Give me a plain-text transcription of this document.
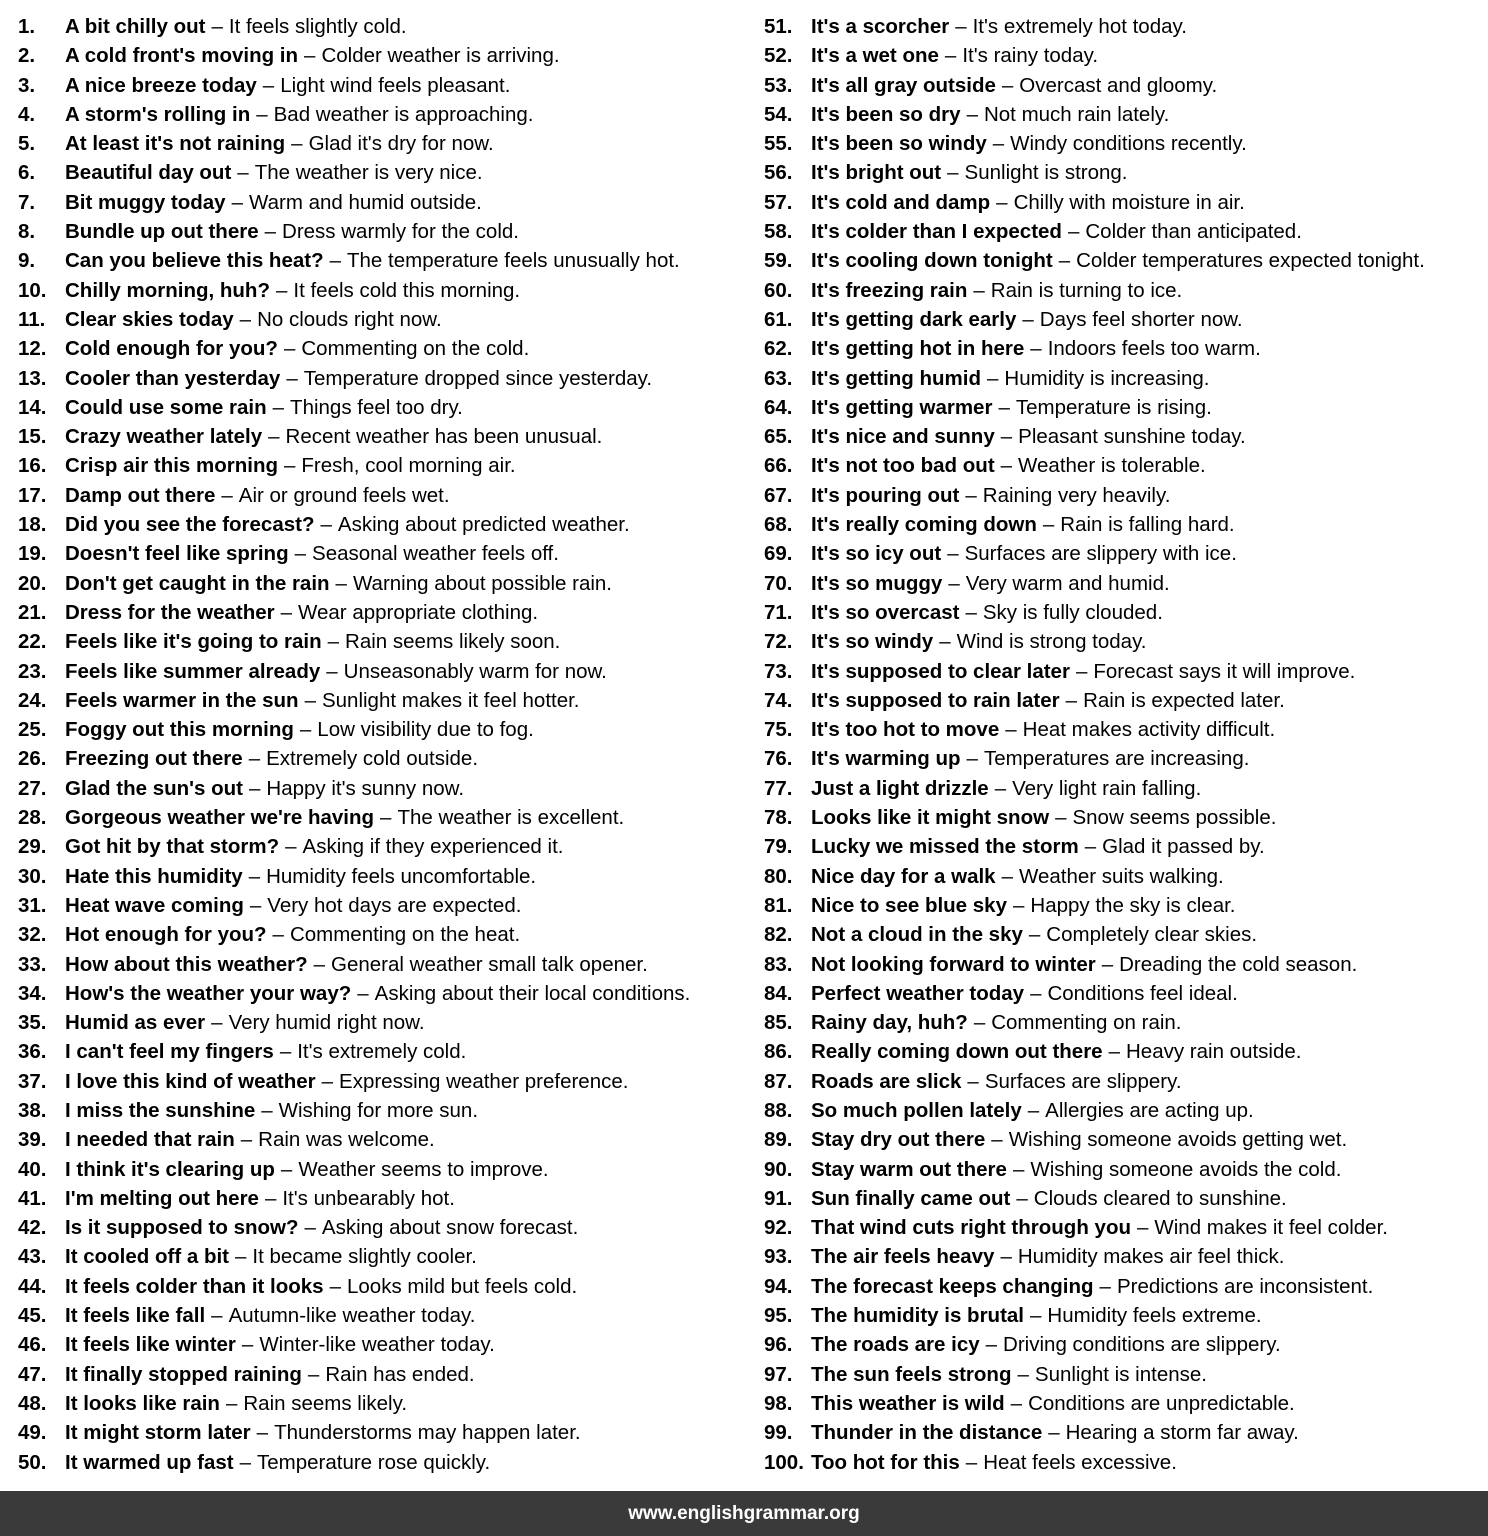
1.	A bit chilly out – It feels slightly cold.
2.	A cold front's moving in – Colder weather is arriving.
3.	A nice breeze today – Light wind feels pleasant.
4.	A storm's rolling in – Bad weather is approaching.
5.	At least it's not raining – Glad it's dry for now.
6.	Beautiful day out – The weather is very nice.
7.	Bit muggy today – Warm and humid outside.
8.	Bundle up out there – Dress warmly for the cold.
9.	Can you believe this heat? – The temperature feels unusually hot.
10. Chilly morning, huh? – It feels cold this morning.
11. Clear skies today – No clouds right now.
12. Cold enough for you? – Commenting on the cold.
13. Cooler than yesterday – Temperature dropped since yesterday.
14. Could use some rain – Things feel too dry.
15. Crazy weather lately – Recent weather has been unusual.
16. Crisp air this morning – Fresh, cool morning air.
17. Damp out there – Air or ground feels wet.
18. Did you see the forecast? – Asking about predicted weather.
19. Doesn't feel like spring – Seasonal weather feels off.
20. Don't get caught in the rain – Warning about possible rain.
21. Dress for the weather – Wear appropriate clothing.
22. Feels like it's going to rain – Rain seems likely soon.
23. Feels like summer already – Unseasonably warm for now.
24. Feels warmer in the sun – Sunlight makes it feel hotter.
25. Foggy out this morning – Low visibility due to fog.
26. Freezing out there – Extremely cold outside.
27. Glad the sun's out – Happy it's sunny now.
28. Gorgeous weather we're having – The weather is excellent.
29. Got hit by that storm? – Asking if they experienced it.
30. Hate this humidity – Humidity feels uncomfortable.
31. Heat wave coming – Very hot days are expected.
32. Hot enough for you? – Commenting on the heat.
33. How about this weather? – General weather small talk opener.
34. How's the weather your way? – Asking about their local conditions.
35. Humid as ever – Very humid right now.
36. I can't feel my fingers – It's extremely cold.
37. I love this kind of weather – Expressing weather preference.
38. I miss the sunshine – Wishing for more sun.
39. I needed that rain – Rain was welcome.
40. I think it's clearing up – Weather seems to improve.
41. I'm melting out here – It's unbearably hot.
42. Is it supposed to snow? – Asking about snow forecast.
43. It cooled off a bit – It became slightly cooler.
44. It feels colder than it looks – Looks mild but feels cold.
45. It feels like fall – Autumn-like weather today.
46. It feels like winter – Winter-like weather today.
47. It finally stopped raining – Rain has ended.
48. It looks like rain – Rain seems likely.
49. It might storm later – Thunderstorms may happen later.
50. It warmed up fast – Temperature rose quickly.
51. It's a scorcher – It's extremely hot today.
52. It's a wet one – It's rainy today.
53. It's all gray outside – Overcast and gloomy.
54. It's been so dry – Not much rain lately.
55. It's been so windy – Windy conditions recently.
56. It's bright out – Sunlight is strong.
57. It's cold and damp – Chilly with moisture in air.
58. It's colder than I expected – Colder than anticipated.
59. It's cooling down tonight – Colder temperatures expected tonight.
60. It's freezing rain – Rain is turning to ice.
61. It's getting dark early – Days feel shorter now.
62. It's getting hot in here – Indoors feels too warm.
63. It's getting humid – Humidity is increasing.
64. It's getting warmer – Temperature is rising.
65. It's nice and sunny – Pleasant sunshine today.
66. It's not too bad out – Weather is tolerable.
67. It's pouring out – Raining very heavily.
68. It's really coming down – Rain is falling hard.
69. It's so icy out – Surfaces are slippery with ice.
70. It's so muggy – Very warm and humid.
71. It's so overcast – Sky is fully clouded.
72. It's so windy – Wind is strong today.
73. It's supposed to clear later – Forecast says it will improve.
74. It's supposed to rain later – Rain is expected later.
75. It's too hot to move – Heat makes activity difficult.
76. It's warming up – Temperatures are increasing.
77. Just a light drizzle – Very light rain falling.
78. Looks like it might snow – Snow seems possible.
79. Lucky we missed the storm – Glad it passed by.
80. Nice day for a walk – Weather suits walking.
81. Nice to see blue sky – Happy the sky is clear.
82. Not a cloud in the sky – Completely clear skies.
83. Not looking forward to winter – Dreading the cold season.
84. Perfect weather today – Conditions feel ideal.
85. Rainy day, huh? – Commenting on rain.
86. Really coming down out there – Heavy rain outside.
87. Roads are slick – Surfaces are slippery.
88. So much pollen lately – Allergies are acting up.
89. Stay dry out there – Wishing someone avoids getting wet.
90. Stay warm out there – Wishing someone avoids the cold.
91. Sun finally came out – Clouds cleared to sunshine.
92. That wind cuts right through you – Wind makes it feel colder.
93. The air feels heavy – Humidity makes air feel thick.
94. The forecast keeps changing – Predictions are inconsistent.
95. The humidity is brutal – Humidity feels extreme.
96. The roads are icy – Driving conditions are slippery.
97. The sun feels strong – Sunlight is intense.
98. This weather is wild – Conditions are unpredictable.
99. Thunder in the distance – Hearing a storm far away.
100. Too hot for this – Heat feels excessive.
www.englishgrammar.org
